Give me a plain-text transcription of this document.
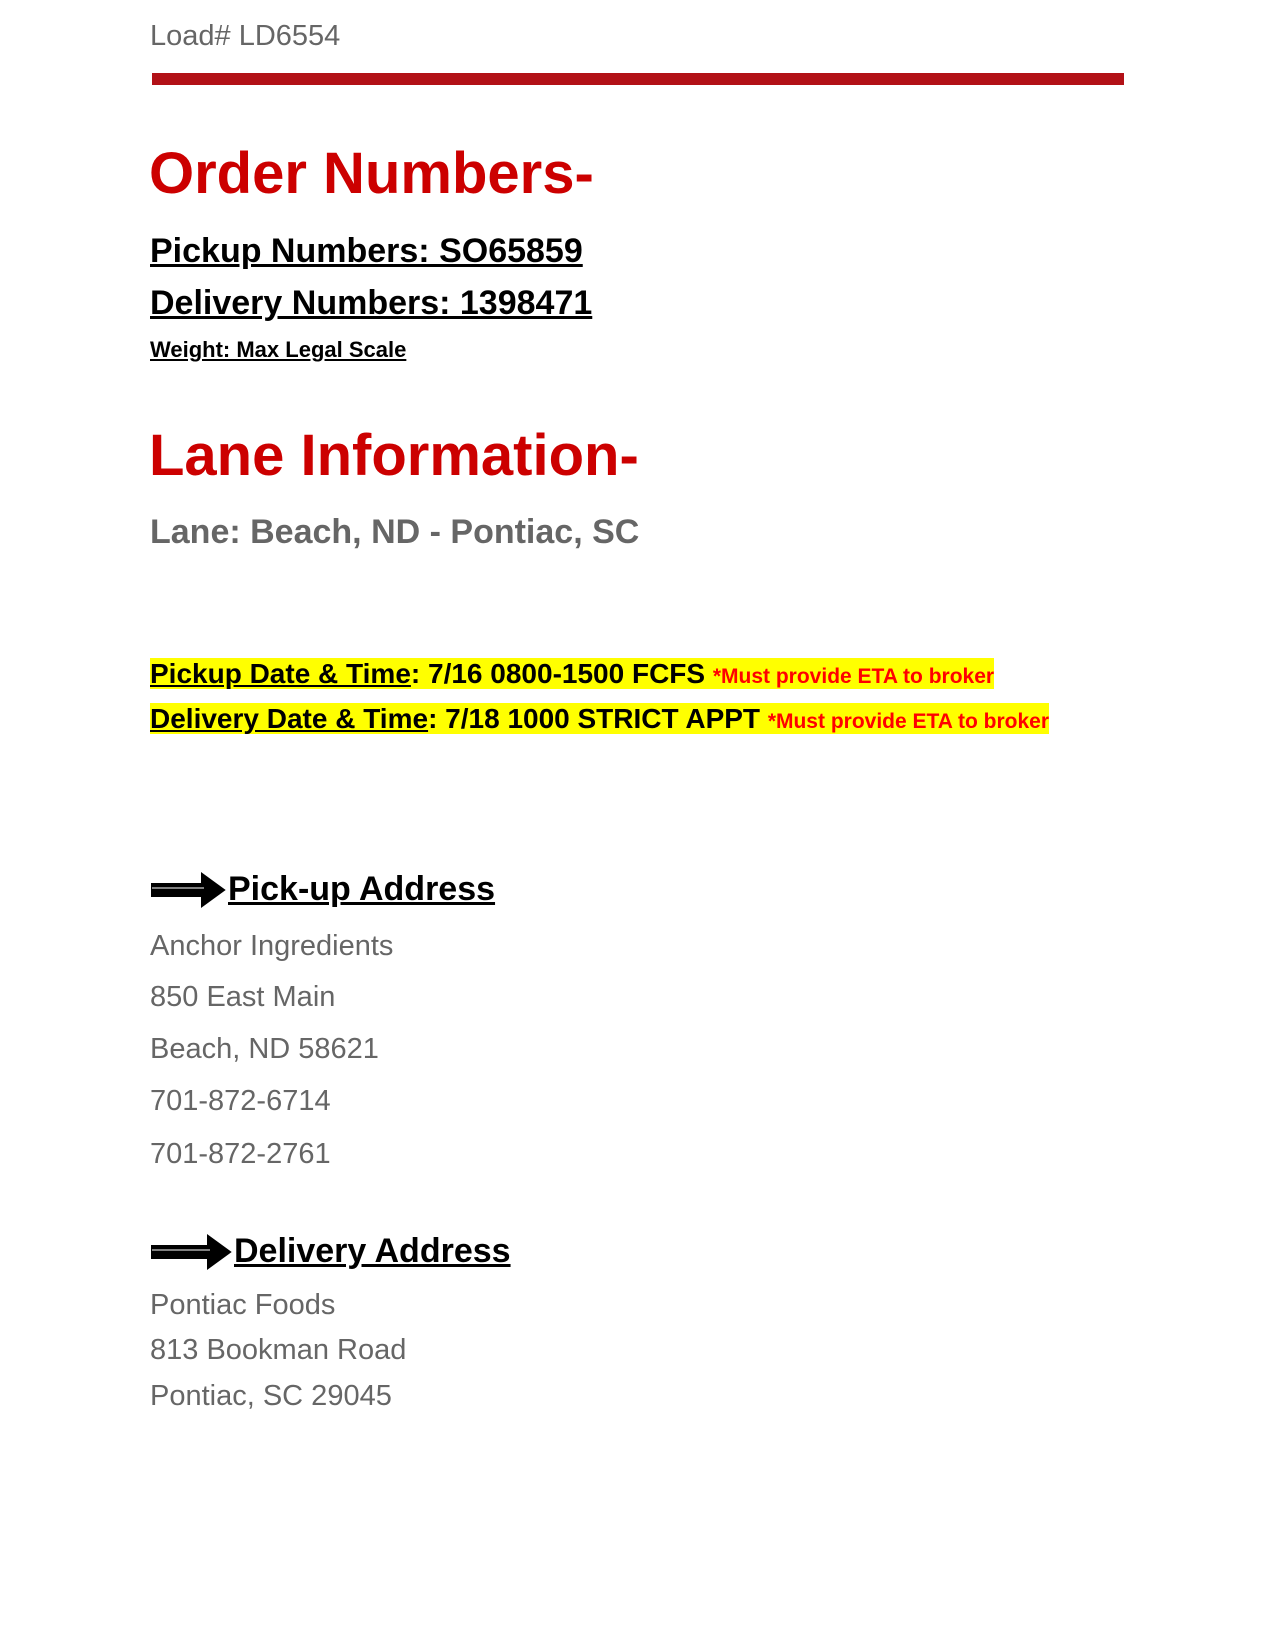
Load# LD6554
Order Numbers-
Pickup Numbers: SO65859
Delivery Numbers: 1398471
Weight: Max Legal Scale
Lane Information-
Lane: Beach, ND - Pontiac, SC
Pickup Date & Time: 7/16 0800-1500 FCFS *Must provide ETA to broker
Delivery Date & Time: 7/18 1000 STRICT APPT *Must provide ETA to broker
Pick-up Address
Anchor Ingredients
850 East Main
Beach, ND 58621
701-872-6714
701-872-2761
Delivery Address
Pontiac Foods
813 Bookman Road
Pontiac, SC 29045
